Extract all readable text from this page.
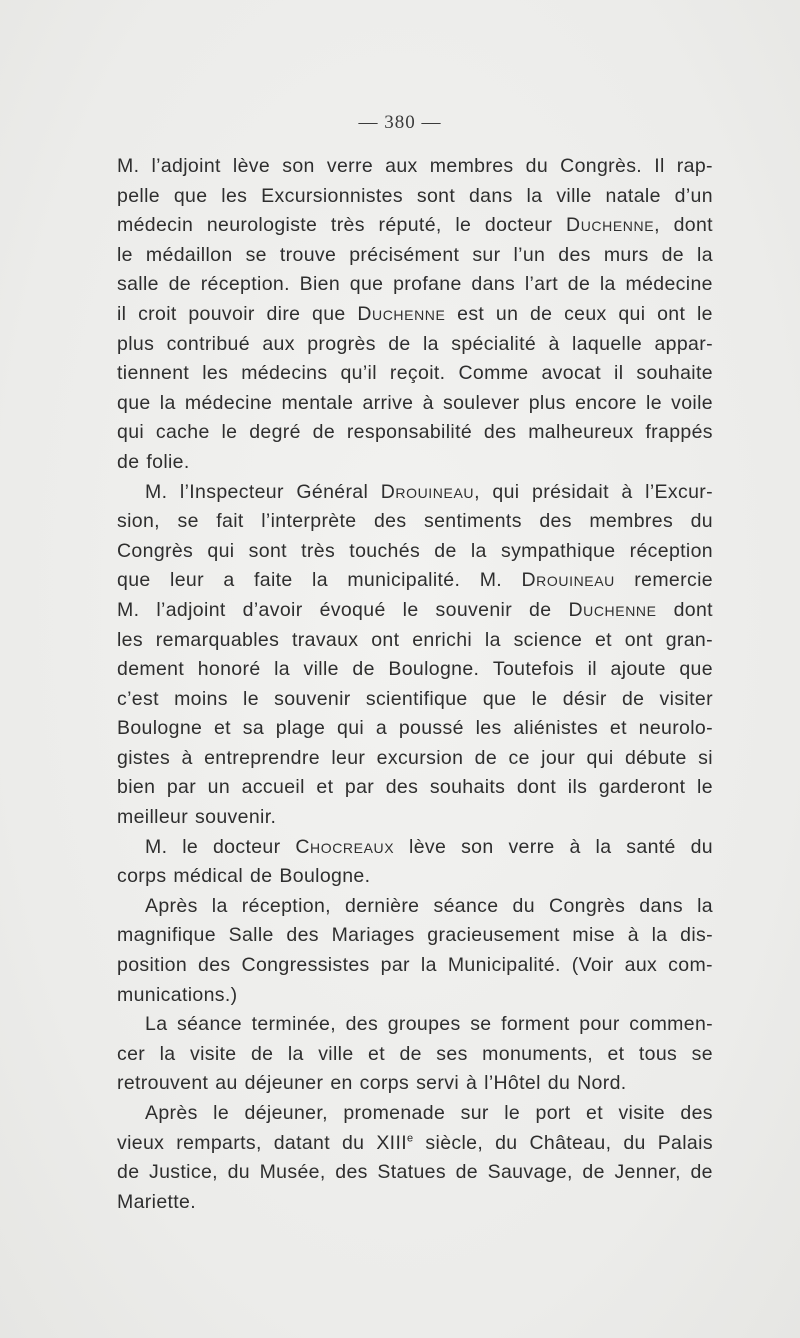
— 380 —
M. l’adjoint lève son verre aux membres du Congrès. Il rap-
pelle que les Excursionnistes sont dans la ville natale d’un
médecin neurologiste très réputé, le docteur Duchenne, dont
le médaillon se trouve précisément sur l’un des murs de la
salle de réception. Bien que profane dans l’art de la médecine
il croit pouvoir dire que Duchenne est un de ceux qui ont le
plus contribué aux progrès de la spécialité à laquelle appar-
tiennent les médecins qu’il reçoit. Comme avocat il souhaite
que la médecine mentale arrive à soulever plus encore le voile
qui cache le degré de responsabilité des malheureux frappés
de
folie.
M. l’Inspecteur Général Drouineau, qui présidait à l’Excur-
sion, se fait l’interprète des sentiments des membres du
Congrès qui sont très touchés de la sympathique réception
que leur a faite la municipalité. M. Drouineau remercie
M. l’adjoint d’avoir évoqué le souvenir de Duchenne dont
les remarquables travaux ont enrichi la science et ont gran-
dement honoré la ville de Boulogne. Toutefois il ajoute que
c’est moins le souvenir scientifique que le désir de visiter
Boulogne et sa plage qui a poussé les aliénistes et neurolo-
gistes à entreprendre leur excursion de ce jour qui débute si
bien par un accueil et par des souhaits dont ils garderont le
meilleur
souvenir.
M. le docteur Chocreaux lève son verre à la santé du
corps
médical
de
Boulogne.
Après la réception, dernière séance du Congrès dans la
magnifique Salle des Mariages gracieusement mise à la dis-
position des Congressistes par la Municipalité. (Voir aux com-
munications.)
La séance terminée, des groupes se forment pour commen-
cer la visite de la ville et de ses monuments, et tous se
retrouvent
au
déjeuner
en
corps
servi
à
l’Hôtel
du
Nord.
Après le déjeuner, promenade sur le port et visite des
vieux remparts, datant du XIIIe siècle, du Château, du Palais
de Justice, du Musée, des Statues de Sauvage, de Jenner, de
Mariette.
